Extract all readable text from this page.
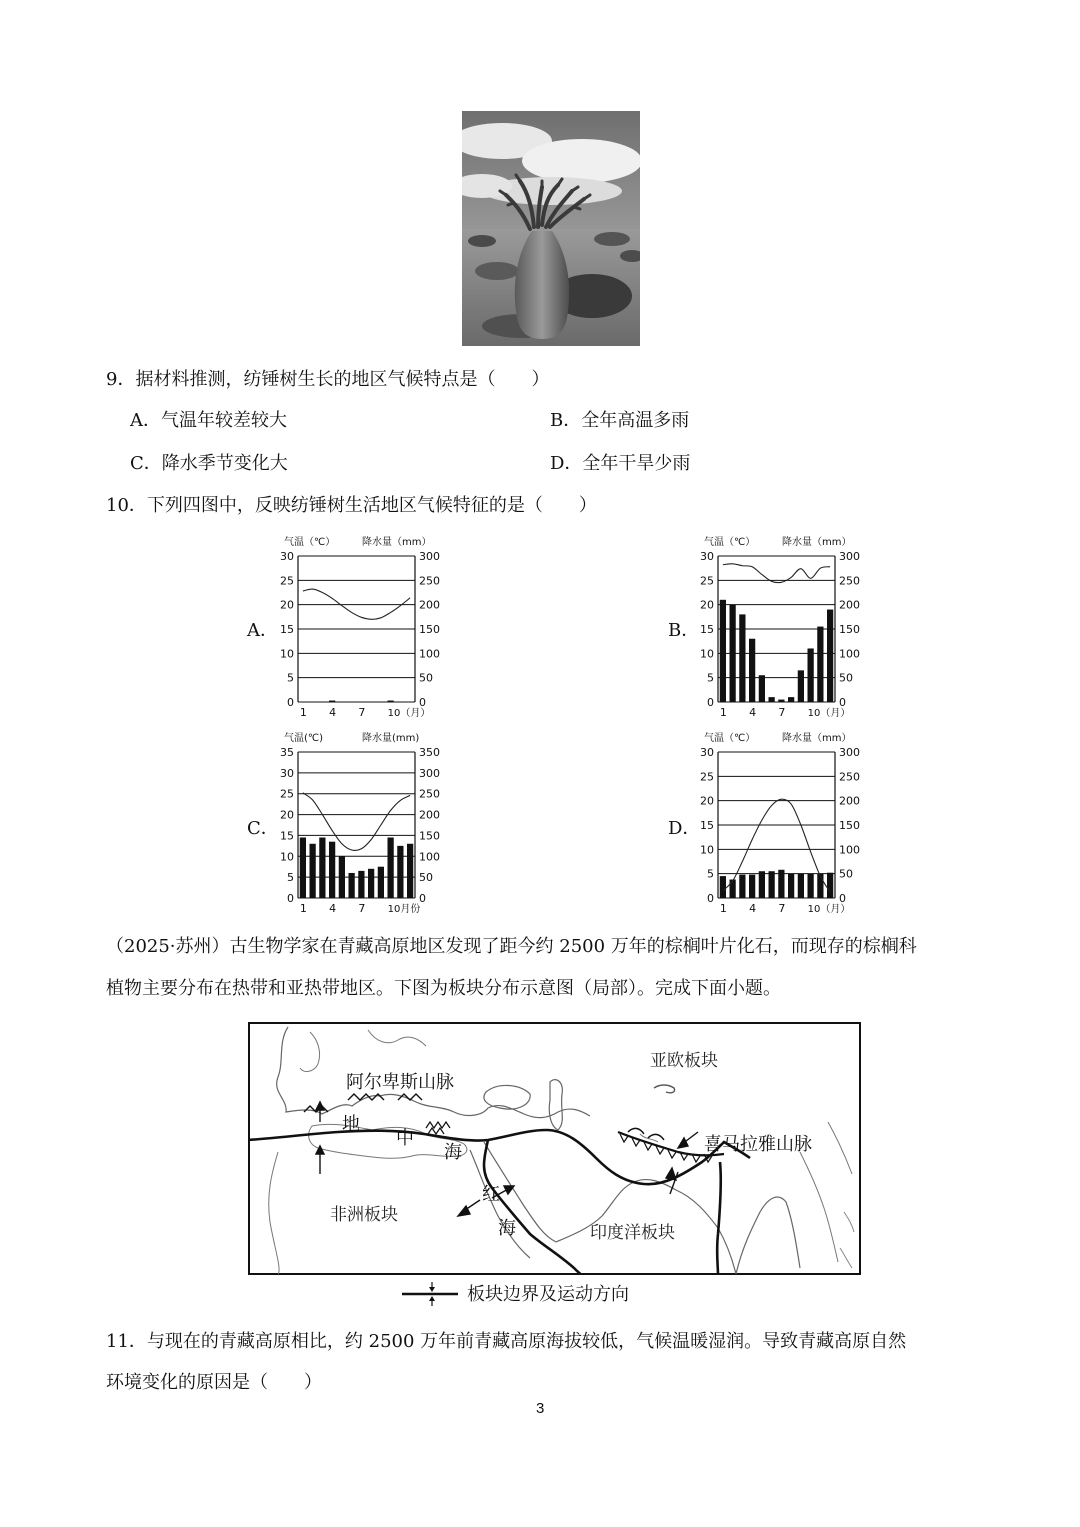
9．据材料推测，纺锤树生长的地区气候特点是（　　）
A．气温年较差较大	B．全年高温多雨
C．降水季节变化大	D．全年干旱少雨
10．下列四图中，反映纺锤树生活地区气候特征的是（　　）
A．	B．
C．	D．
气温（℃）	降水量（mm）
0	0
5	50
10	100
15	150
20	200
25	250
30	300
1 4 7 10（月）
气温（℃）	降水量（mm）
0	0
5	50
10	100
15	150
20	200
25	250
30	300
1 4 7 10（月）
气温(℃)	降水量(mm)
0	0
5	50
10	100
15	150
20	200
25	250
30	300
35	350
1 4 7 10月份
气温（℃）	降水量（mm）
0	0
5	50
10	100
15	150
20	200
25	250
30	300
1 4 7 10（月）
（2025·苏州）古生物学家在青藏高原地区发现了距今约 2500 万年的棕榈叶片化石，而现存的棕榈科
植物主要分布在热带和亚热带地区。下图为板块分布示意图（局部）。完成下面小题。
亚欧板块
阿尔卑斯山脉
地
中
海	喜马拉雅山脉
非洲板块
红
海	印度洋板块
板块边界及运动方向
11．与现在的青藏高原相比，约 2500 万年前青藏高原海拔较低，气候温暖湿润。导致青藏高原自然
环境变化的原因是（　　）
3
